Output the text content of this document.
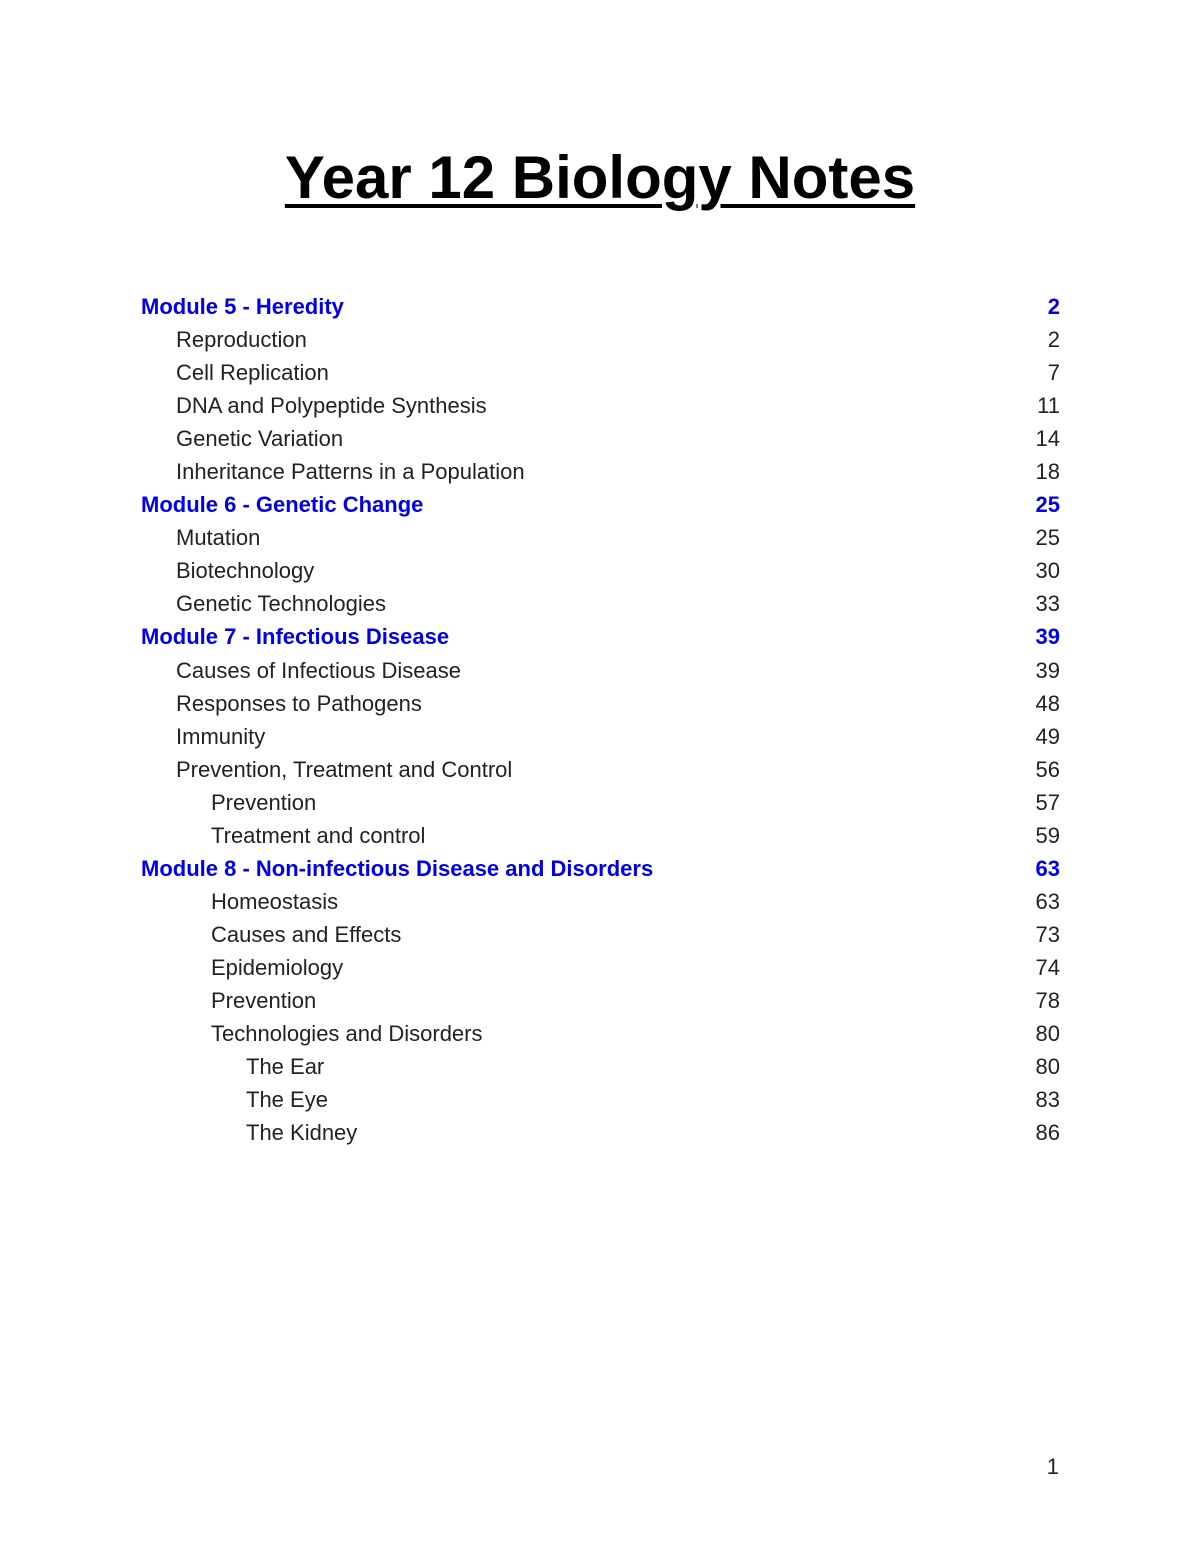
Year 12 Biology Notes
Module 5 - Heredity	2
Reproduction	2
Cell Replication	7
DNA and Polypeptide Synthesis	11
Genetic Variation	14
Inheritance Patterns in a Population	18
Module 6 - Genetic Change	25
Mutation	25
Biotechnology	30
Genetic Technologies	33
Module 7 - Infectious Disease	39
Causes of Infectious Disease	39
Responses to Pathogens	48
Immunity	49
Prevention, Treatment and Control	56
Prevention	57
Treatment and control	59
Module 8 - Non-infectious Disease and Disorders	63
Homeostasis	63
Causes and Effects	73
Epidemiology	74
Prevention	78
Technologies and Disorders	80
The Ear	80
The Eye	83
The Kidney	86
1
